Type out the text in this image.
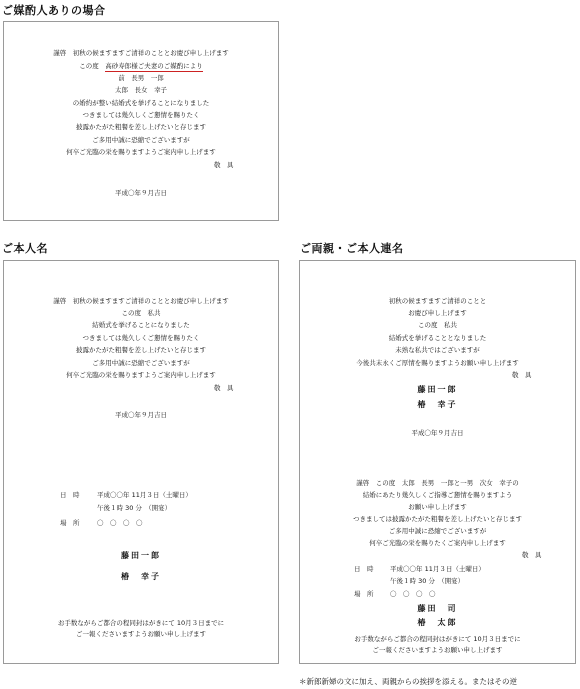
ご媒酌人ありの場合
ご本人名	ご両親・ご本人連名
謹啓　初秋の候ますますご清祥のこととお慶び申し上げます
この度　 高砂寿郎様ご夫妻のご媒酌により
前　長男　一郎
太郎　長女　幸子
の婚約が整い結婚式を挙げることになりました
つきましては幾久しくご懇情を賜りたく
披露かたがた粗餐を差し上げたいと存じます
ご多用中誠に恐縮でございますが
何卒ご光臨の栄を賜りますようご案内申し上げます
敬　具
平成〇年９月吉日
謹啓　初秋の候ますますご清祥のこととお慶び申し上げます
この度　私共
結婚式を挙げることになりました
つきましては幾久しくご懇情を賜りたく
披露かたがた粗餐を差し上げたいと存じます
ご多用中誠に恐縮でございますが
何卒ご光臨の栄を賜りますようご案内申し上げます
敬　具
平成〇年９月吉日
日　時	平成〇〇年 11月３日（土曜日）
午後１時 30 分　（開宴）
場　所	〇　〇　〇　〇
藤田一郎
椿　幸子
お手数ながらご都合の程同封はがきにて 10月３日までに
ご一報くださいますようお願い申し上げます
初秋の候ますますご清祥のことと
お慶び申し上げます
この度　私共
結婚式を挙げることとなりました
未熟な私共ではございますが
今後共末永くご厚情を賜りますようお願い申し上げます
敬　具
藤田一郎
椿　幸子
平成〇年９月吉日
謹啓　この度　太郎　長男　一郎と一男　次女　幸子の
結婚にあたり幾久しくご指導ご懇情を賜りますよう
お願い申し上げます
つきましては披露かたがた粗餐を差し上げたいと存じます
ご多用中誠に恐縮でございますが
何卒ご光臨の栄を賜りたくご案内申し上げます
敬　具
日　時	平成〇〇年 11月３日（土曜日）
午後１時 30 分　（開宴）
場　所	〇　〇　〇　〇
藤田　司
椿　太郎
お手数ながらご都合の程同封はがきにて 10月３日までに
ご一報くださいますようお願い申し上げます
＊新郎新婦の文に加え、両親からの挨拶を添える。またはその逆
